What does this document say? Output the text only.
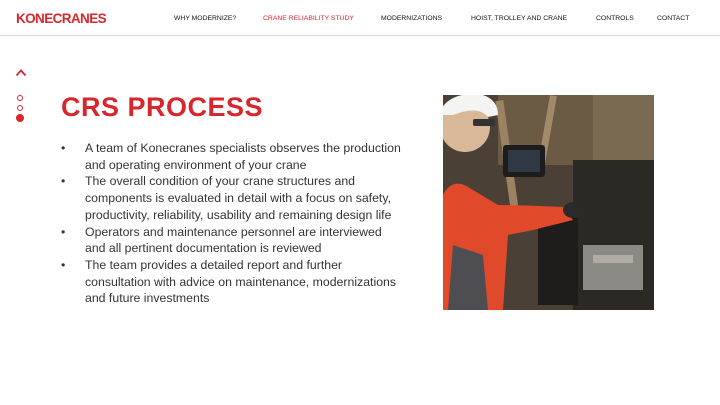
KONECRANES	WHY MODERNIZE?	CRANE RELIABILITY STUDY	MODERNIZATIONS	HOIST, TROLLEY AND CRANE	CONTROLS	CONTACT
CRS PROCESS
• A team of Konecranes specialists observes the production and operating environment of your crane
• The overall condition of your crane structures and components is evaluated in detail with a focus on safety, productivity, reliability, usability and remaining design life
• Operators and maintenance personnel are interviewed and all pertinent documentation is reviewed
• The team provides a detailed report and further consultation with advice on maintenance, modernizations and future investments
